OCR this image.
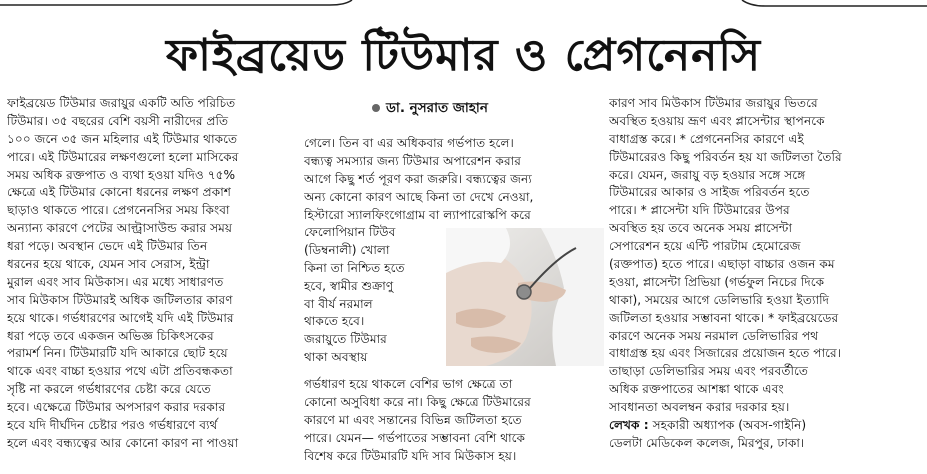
ফাইব্রয়েড টিউমার ও প্রেগনেনসি
ফাইব্রয়েড টিউমার জরায়ুর একটি অতি পরিচিত
টিউমার। ৩৫ বছরের বেশি বয়সী নারীদের প্রতি
১০০ জনে ৩৫ জন মহিলার এই টিউমার থাকতে
পারে। এই টিউমারের লক্ষণগুলো হলো মাসিকের
সময় অধিক রক্তপাত ও ব্যথা হওয়া যদিও ৭৫%
ক্ষেত্রে এই টিউমার কোনো ধরনের লক্ষণ প্রকাশ
ছাড়াও থাকতে পারে। প্রেগনেনসির সময় কিংবা
অন্যান্য কারণে পেটের আল্ট্রাসাউন্ড করার সময়
ধরা পড়ে। অবস্থান ভেদে এই টিউমার তিন
ধরনের হয়ে থাকে, যেমন সাব সেরাস, ইন্ট্রা
মুরাল এবং সাব মিউকাস। এর মধ্যে সাধারণত
সাব মিউকাস টিউমারই অধিক জটিলতার কারণ
হয়ে থাকে। গর্ভধারণের আগেই যদি এই টিউমার
ধরা পড়ে তবে একজন অভিজ্ঞ চিকিৎসকের
পরামর্শ নিন। টিউমারটি যদি আকারে ছোট হয়ে
থাকে এবং বাচ্চা হওয়ার পথে এটা প্রতিবন্ধকতা
সৃষ্টি না করলে গর্ভধারণের চেষ্টা করে যেতে
হবে। এক্ষেত্রে টিউমার অপসারণ করার দরকার
হবে যদি দীর্ঘদিন চেষ্টার পরও গর্ভধারণে ব্যর্থ
হলে এবং বন্ধ্যত্বের আর কোনো কারণ না পাওয়া
ডা. নুসরাত জাহান
গেলে। তিন বা এর অধিকবার গর্ভপাত হলে।
বন্ধ্যত্ব সমস্যার জন্য টিউমার অপারেশন করার
আগে কিছু শর্ত পূরণ করা জরুরি। বন্ধ্যত্বের জন্য
অন্য কোনো কারণ আছে কিনা তা দেখে নেওয়া,
হিস্টারো স্যালফিংগোগ্রাম বা ল্যাপারোস্কপি করে
ফেলোপিয়ান টিউব
(ডিম্বনালী) খোলা
কিনা তা নিশ্চিত হতে
হবে, স্বামীর শুক্রাণু
বা বীর্য নরমাল
থাকতে হবে।
জরায়ুতে টিউমার
থাকা অবস্থায়
গর্ভধারণ হয়ে থাকলে বেশির ভাগ ক্ষেত্রে তা
কোনো অসুবিধা করে না। কিছু ক্ষেত্রে টিউমারের
কারণে মা এবং সন্তানের বিভিন্ন জটিলতা হতে
পারে। যেমন— গর্ভপাতের সম্ভাবনা বেশি থাকে
বিশেষ করে টিউমারটি যদি সাব মিউকাস হয়।
কারণ সাব মিউকাস টিউমার জরায়ুর ভিতরে
অবস্থিত হওয়ায় ভ্রূণ এবং প্লাসেন্টার স্থাপনকে
বাধাগ্রস্ত করে। * প্রেগনেনসির কারণে এই
টিউমারেরও কিছু পরিবর্তন হয় যা জটিলতা তৈরি
করে। যেমন, জরায়ু বড় হওয়ার সঙ্গে সঙ্গে
টিউমারের আকার ও সাইজ পরিবর্তন হতে
পারে। * প্লাসেন্টা যদি টিউমারের উপর
অবস্থিত হয় তবে অনেক সময় প্লাসেন্টা
সেপারেশন হয়ে এন্টি পারটাম হেমোরেজ
(রক্তপাত) হতে পারে। এছাড়া বাচ্চার ওজন কম
হওয়া, প্লাসেন্টা প্রিভিয়া (গর্ভফুল নিচের দিকে
থাকা), সময়ের আগে ডেলিভারি হওয়া ইত্যাদি
জটিলতা হওয়ার সম্ভাবনা থাকে। * ফাইব্রয়েডের
কারণে অনেক সময় নরমাল ডেলিভারির পথ
বাধাগ্রস্ত হয় এবং সিজারের প্রয়োজন হতে পারে।
তাছাড়া ডেলিভারির সময় এবং পরবর্তীতে
অধিক রক্তপাতের আশঙ্কা থাকে এবং
সাবধানতা অবলম্বন করার দরকার হয়।
লেখক : সহকারী অধ্যাপক (অবস-গাইনি)
ডেলটা মেডিকেল কলেজ, মিরপুর, ঢাকা।
